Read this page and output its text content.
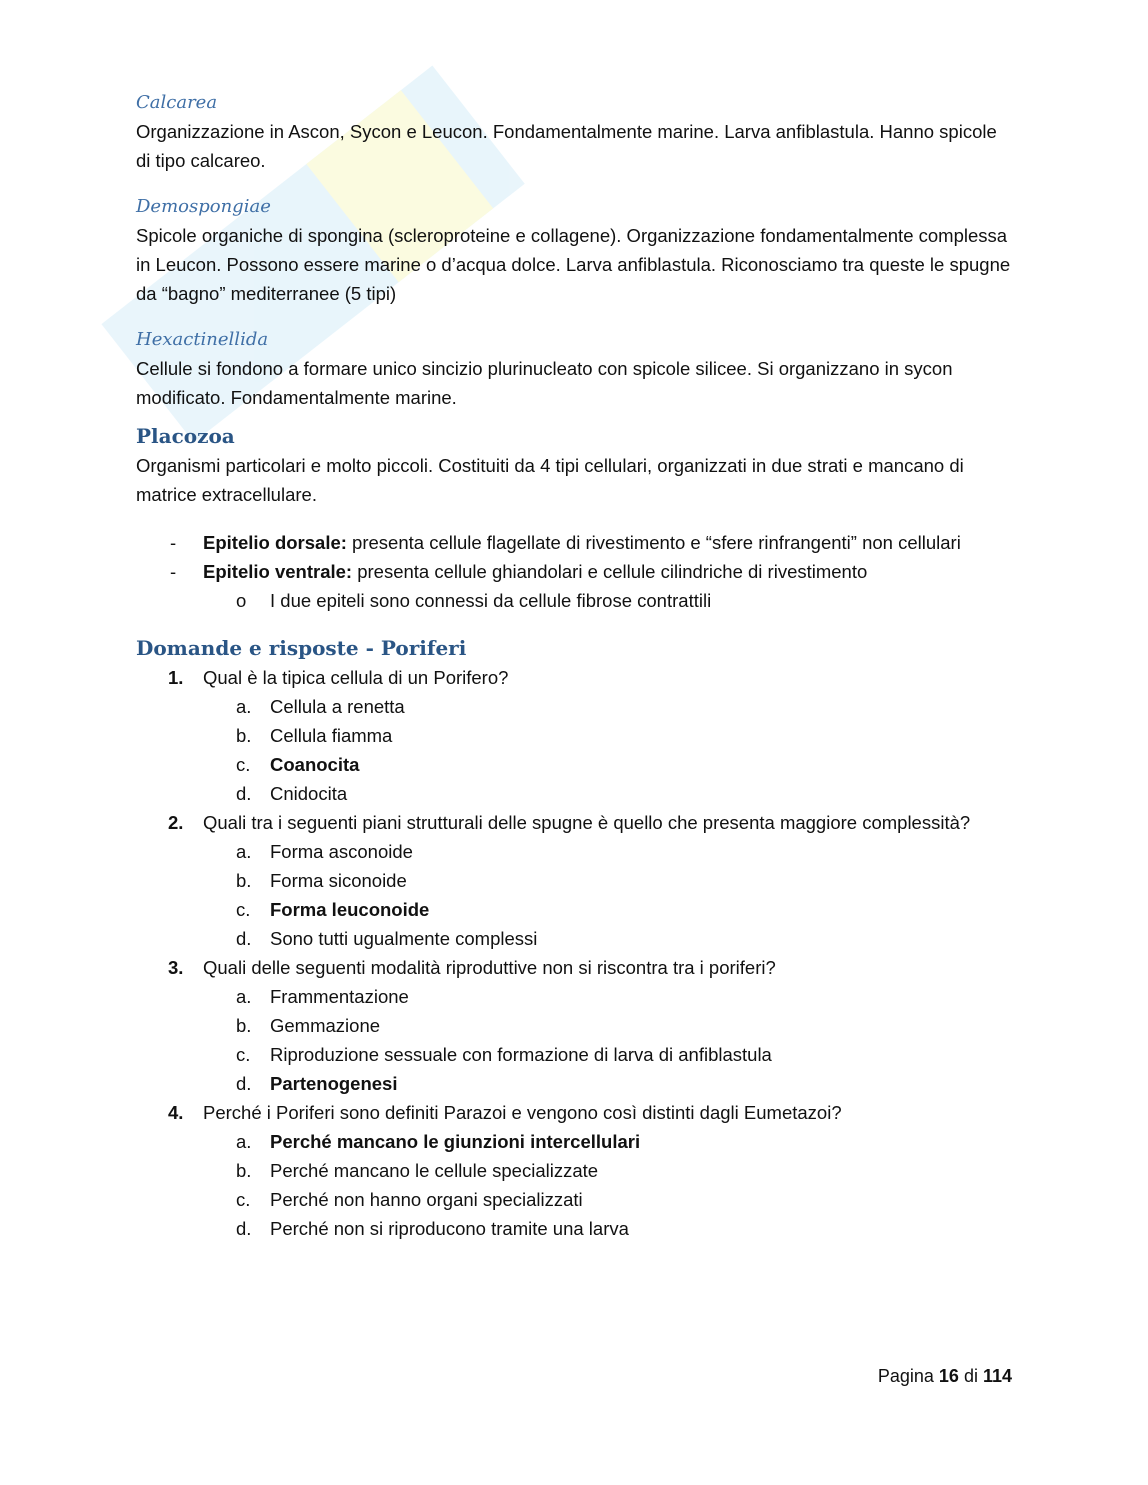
Calcarea

Organizzazione in Ascon, Sycon e Leucon. Fondamentalmente marine. Larva anfiblastula. Hanno spicole di tipo calcareo.

Demospongiae

Spicole organiche di spongina (scleroproteine e collagene). Organizzazione fondamentalmente complessa in Leucon. Possono essere marine o d’acqua dolce. Larva anfiblastula. Riconosciamo tra queste le spugne da “bagno” mediterranee (5 tipi)

Hexactinellida

Cellule si fondono a formare unico sincizio plurinucleato con spicole silicee. Si organizzano in sycon modificato. Fondamentalmente marine.

Placozoa

Organismi particolari e molto piccoli. Costituiti da 4 tipi cellulari, organizzati in due strati e mancano di matrice extracellulare.

- Epitelio dorsale: presenta cellule flagellate di rivestimento e “sfere rinfrangenti” non cellulari
- Epitelio ventrale: presenta cellule ghiandolari e cellule cilindriche di rivestimento
o I due epiteli sono connessi da cellule fibrose contrattili

Domande e risposte - Poriferi

1. Qual è la tipica cellula di un Porifero?
a. Cellula a renetta
b. Cellula fiamma
c. Coanocita
d. Cnidocita
2. Quali tra i seguenti piani strutturali delle spugne è quello che presenta maggiore complessità?
a. Forma asconoide
b. Forma siconoide
c. Forma leuconoide
d. Sono tutti ugualmente complessi
3. Quali delle seguenti modalità riproduttive non si riscontra tra i poriferi?
a. Frammentazione
b. Gemmazione
c. Riproduzione sessuale con formazione di larva di anfiblastula
d. Partenogenesi
4. Perché i Poriferi sono definiti Parazoi e vengono così distinti dagli Eumetazoi?
a. Perché mancano le giunzioni intercellulari
b. Perché mancano le cellule specializzate
c. Perché non hanno organi specializzati
d. Perché non si riproducono tramite una larva
Pagina 16 di 114
